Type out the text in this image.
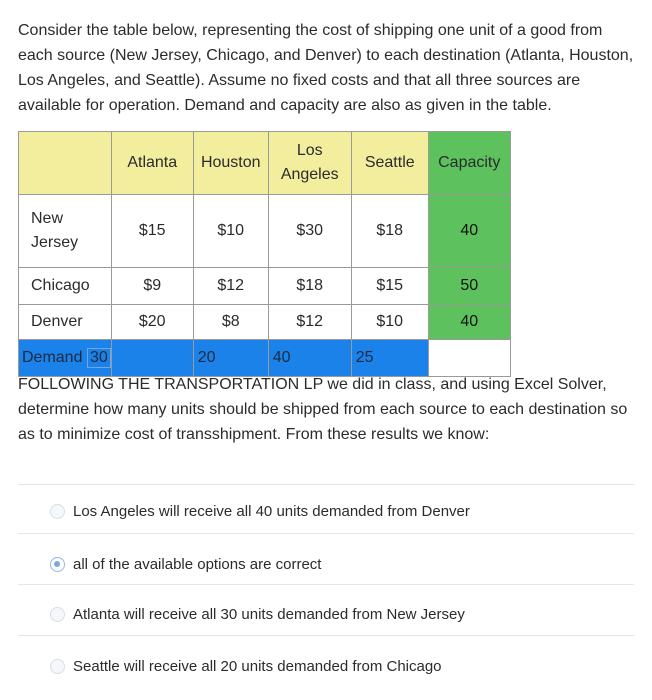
Consider the table below, representing the cost of shipping one unit of a good from each source (New Jersey, Chicago, and Denver) to each destination (Atlanta, Houston, Los Angeles, and Seattle). Assume no fixed costs and that all three sources are available for operation. Demand and capacity are also as given in the table.

	Atlanta	Houston	Los Angeles	Seattle	Capacity
New Jersey	$15	$10	$30	$18	40
Chicago	$9	$12	$18	$15	50
Denver	$20	$8	$12	$10	40
Demand 30		20	40	25	

FOLLOWING THE TRANSPORTATION LP we did in class, and using Excel Solver, determine how many units should be shipped from each source to each destination so as to minimize cost of transshipment. From these results we know:

Los Angeles will receive all 40 units demanded from Denver
all of the available options are correct
Atlanta will receive all 30 units demanded from New Jersey
Seattle will receive all 20 units demanded from Chicago
